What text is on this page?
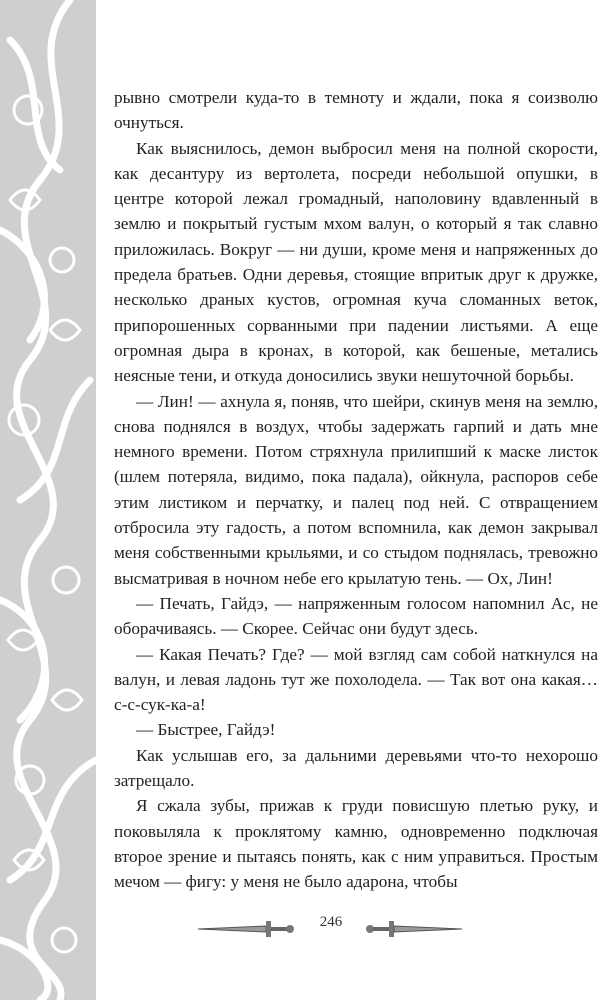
рывно смотрели куда-то в темноту и ждали, пока я соизволю очнуться.

Как выяснилось, демон выбросил меня на полной скорости, как десантуру из вертолета, посреди небольшой опушки, в центре которой лежал громадный, наполовину вдавленный в землю и покрытый густым мхом валун, о который я так славно приложилась. Вокруг — ни души, кроме меня и напряженных до предела братьев. Одни деревья, стоящие впритык друг к дружке, несколько драных кустов, огромная куча сломанных веток, припорошенных сорванными при падении листьями. А еще огромная дыра в кронах, в которой, как бешеные, метались неясные тени, и откуда доносились звуки нешуточной борьбы.

— Лин! — ахнула я, поняв, что шейри, скинув меня на землю, снова поднялся в воздух, чтобы задержать гарпий и дать мне немного времени. Потом стряхнула прилипший к маске листок (шлем потеряла, видимо, пока падала), ойкнула, распоров себе этим листиком и перчатку, и палец под ней. С отвращением отбросила эту гадость, а потом вспомнила, как демон закрывал меня собственными крыльями, и со стыдом поднялась, тревожно высматривая в ночном небе его крылатую тень. — Ох, Лин!

— Печать, Гайдэ, — напряженным голосом напомнил Ас, не оборачиваясь. — Скорее. Сейчас они будут здесь.

— Какая Печать? Где? — мой взгляд сам собой наткнулся на валун, и левая ладонь тут же похолодела. — Так вот она какая… с-с-сук-ка-а!

— Быстрее, Гайдэ!

Как услышав его, за дальними деревьями что-то нехорошо затрещало.

Я сжала зубы, прижав к груди повисшую плетью руку, и поковыляла к проклятому камню, одновременно подключая второе зрение и пытаясь понять, как с ним управиться. Простым мечом — фигу: у меня не было адарона, чтобы

246
